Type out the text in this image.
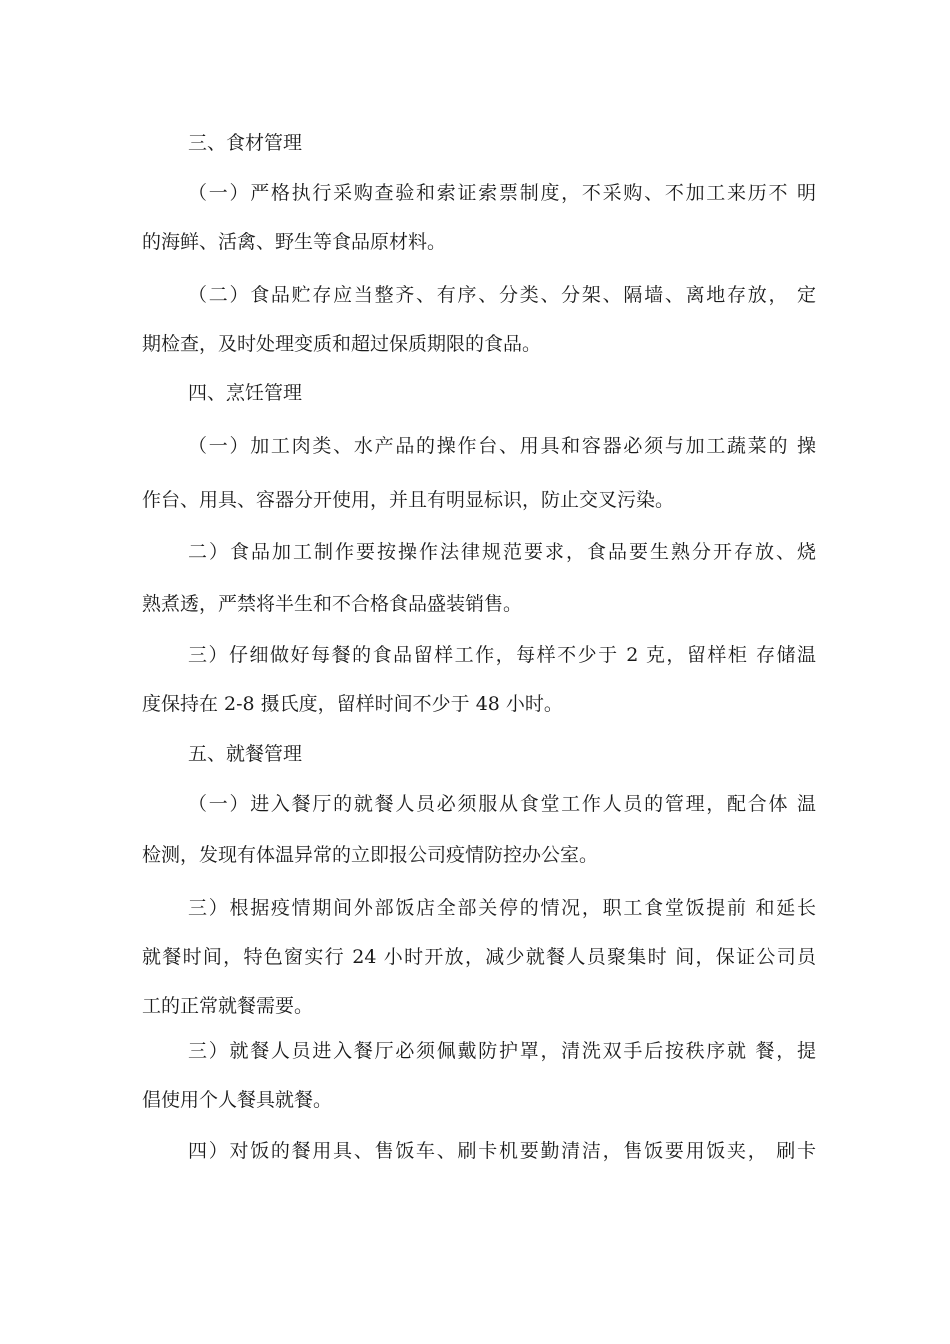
三、食材管理
（一）严格执行采购查验和索证索票制度，不采购、不加工来历不 明
的海鲜、活禽、野生等食品原材料。
（二）食品贮存应当整齐、有序、分类、分架、隔墙、离地存放， 定
期检查，及时处理变质和超过保质期限的食品。
四、烹饪管理
（一）加工肉类、水产品的操作台、用具和容器必须与加工蔬菜的 操
作台、用具、容器分开使用，并且有明显标识，防止交叉污染。
二）食品加工制作要按操作法律规范要求，食品要生熟分开存放、烧
熟煮透，严禁将半生和不合格食品盛装销售。
三）仔细做好每餐的食品留样工作，每样不少于 2 克，留样柜 存储温
度保持在 2-8 摄氏度，留样时间不少于 48 小时。
五、就餐管理
（一）进入餐厅的就餐人员必须服从食堂工作人员的管理，配合体 温
检测，发现有体温异常的立即报公司疫情防控办公室。
三）根据疫情期间外部饭店全部关停的情况，职工食堂饭提前 和延长
就餐时间，特色窗实行 24 小时开放，减少就餐人员聚集时 间，保证公司员
工的正常就餐需要。
三）就餐人员进入餐厅必须佩戴防护罩，清洗双手后按秩序就 餐，提
倡使用个人餐具就餐。
四）对饭的餐用具、售饭车、刷卡机要勤清洁，售饭要用饭夹， 刷卡
